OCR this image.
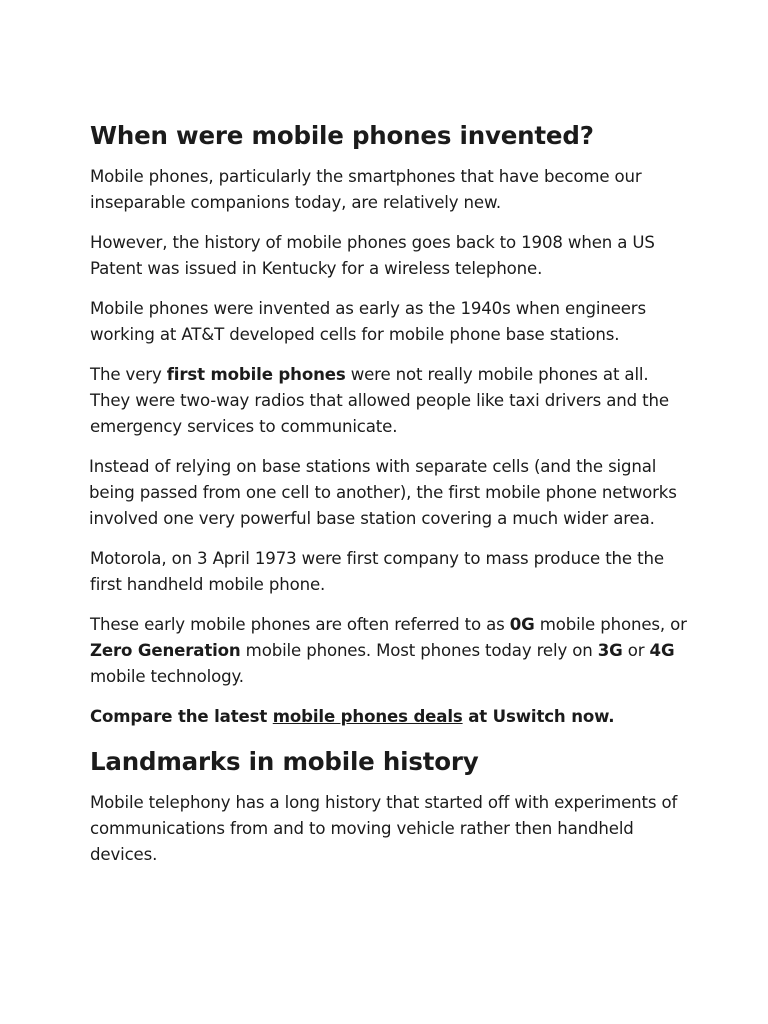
When were mobile phones invented?

Mobile phones, particularly the smartphones that have become our inseparable companions today, are relatively new.

However, the history of mobile phones goes back to 1908 when a US Patent was issued in Kentucky for a wireless telephone.

Mobile phones were invented as early as the 1940s when engineers working at AT&T developed cells for mobile phone base stations.

The very first mobile phones were not really mobile phones at all. They were two-way radios that allowed people like taxi drivers and the emergency services to communicate.

Instead of relying on base stations with separate cells (and the signal being passed from one cell to another), the first mobile phone networks involved one very powerful base station covering a much wider area.

Motorola, on 3 April 1973 were first company to mass produce the the first handheld mobile phone.

These early mobile phones are often referred to as 0G mobile phones, or Zero Generation mobile phones. Most phones today rely on 3G or 4G mobile technology.

Compare the latest mobile phones deals at Uswitch now.

Landmarks in mobile history

Mobile telephony has a long history that started off with experiments of communications from and to moving vehicle rather then handheld devices.
